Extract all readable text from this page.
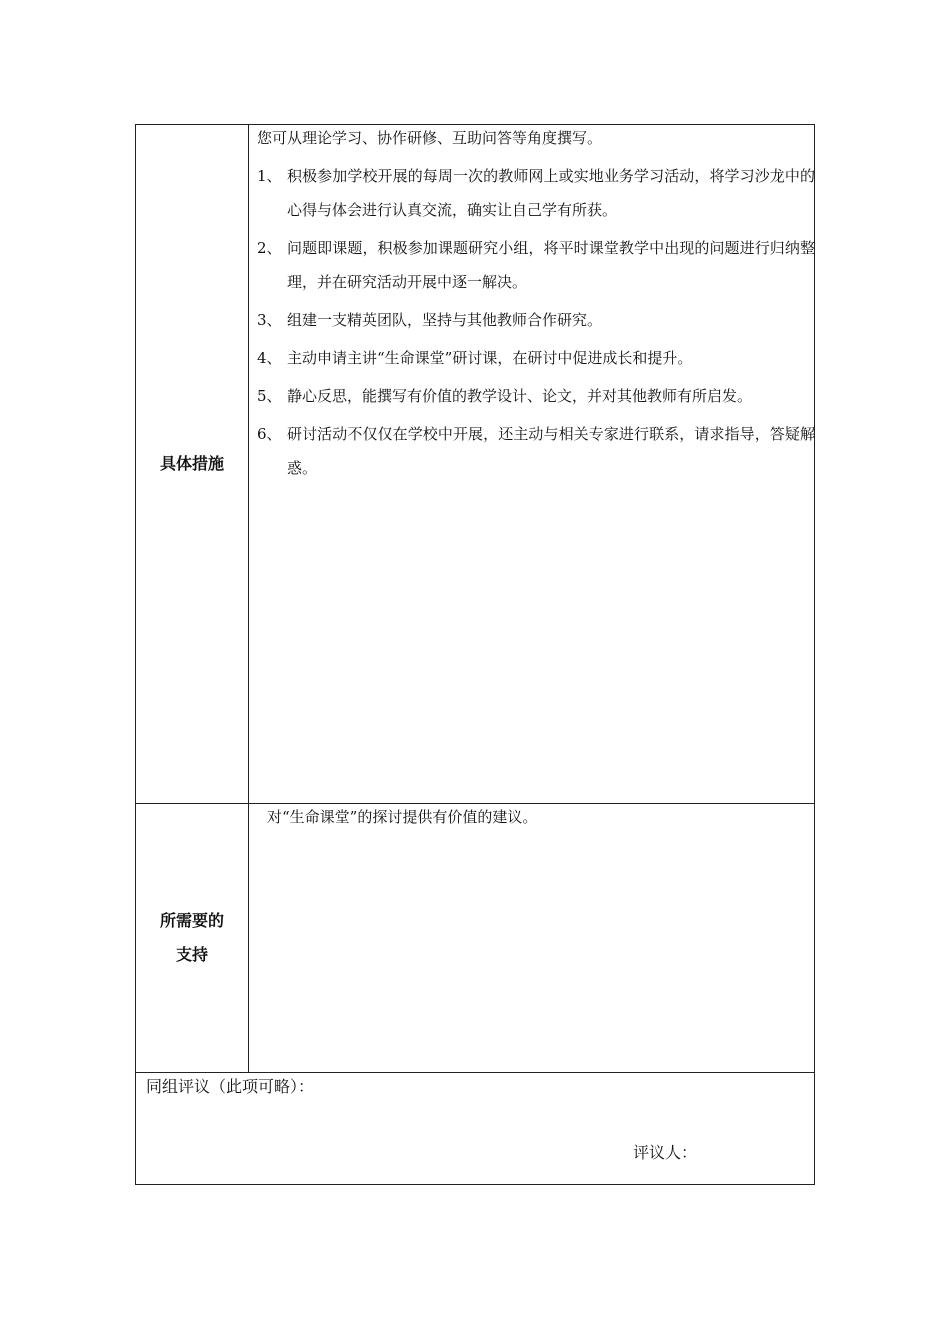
具体措施
您可从理论学习、协作研修、互助问答等角度撰写。
1、 积极参加学校开展的每周一次的教师网上或实地业务学习活动，将学习沙龙中的心得与体会进行认真交流，确实让自己学有所获。
2、 问题即课题，积极参加课题研究小组，将平时课堂教学中出现的问题进行归纳整理，并在研究活动开展中逐一解决。
3、 组建一支精英团队，坚持与其他教师合作研究。
4、 主动申请主讲“生命课堂”研讨课，在研讨中促进成长和提升。
5、 静心反思，能撰写有价值的教学设计、论文，并对其他教师有所启发。
6、 研讨活动不仅仅在学校中开展，还主动与相关专家进行联系，请求指导，答疑解惑。
所需要的
支持
对“生命课堂”的探讨提供有价值的建议。
同组评议（此项可略）：
评议人：
